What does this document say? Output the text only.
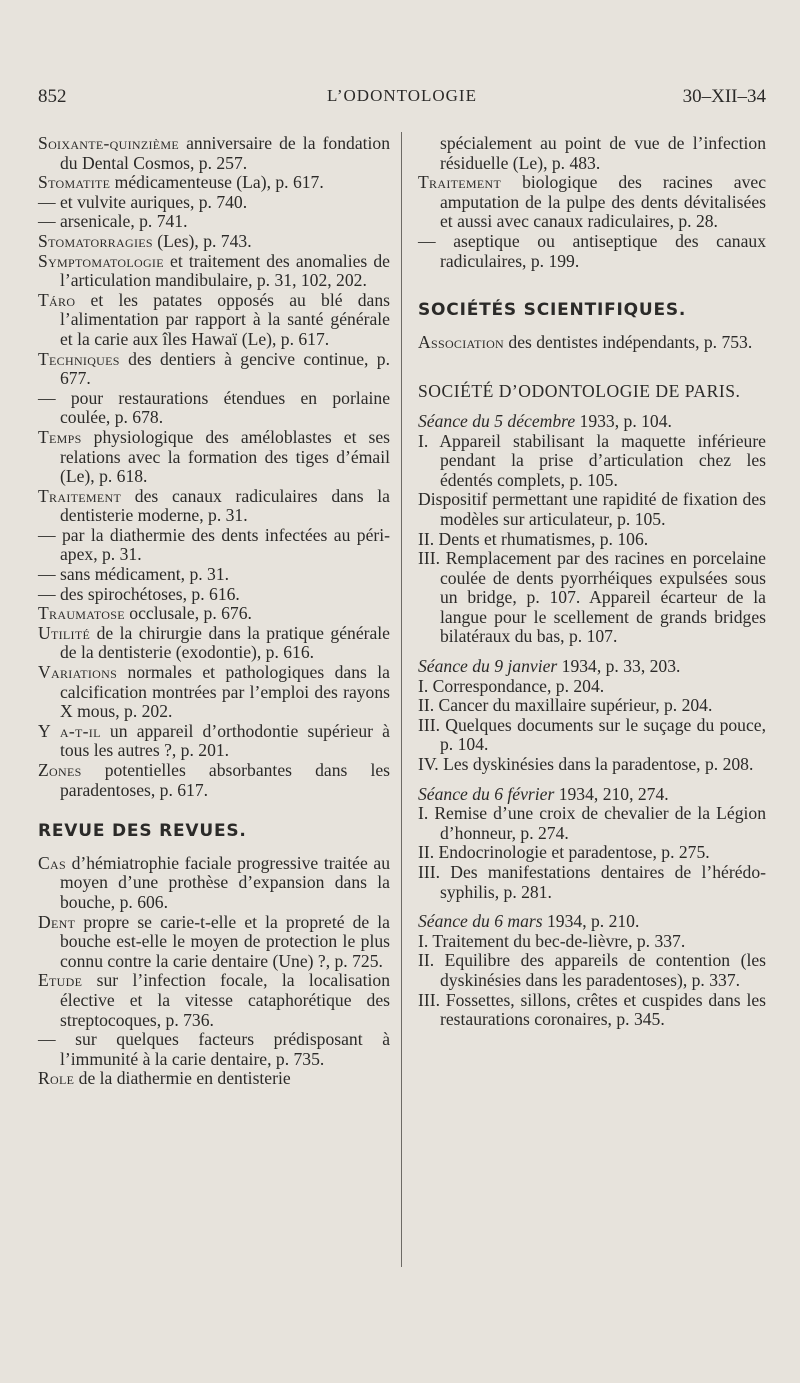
852	L’ODONTOLOGIE	30–XII–34
Soixante-quinzième anniversaire de la fondation du Dental Cosmos, p. 257.
Stomatite médicamenteuse (La), p. 617.
— et vulvite auriques, p. 740.
— arsenicale, p. 741.
Stomatorragies (Les), p. 743.
Symptomatologie et traitement des anomalies de l’articulation mandibulaire, p. 31, 102, 202.
Táro et les patates opposés au blé dans l’alimentation par rapport à la santé générale et la carie aux îles Hawaï (Le), p. 617.
Techniques des dentiers à gencive continue, p. 677.
— pour restaurations étendues en porlaine coulée, p. 678.
Temps physiologique des améloblastes et ses relations avec la formation des tiges d’émail (Le), p. 618.
Traitement des canaux radiculaires dans la dentisterie moderne, p. 31.
— par la diathermie des dents infectées au péri-apex, p. 31.
— sans médicament, p. 31.
— des spirochétoses, p. 616.
Traumatose occlusale, p. 676.
Utilité de la chirurgie dans la pratique générale de la dentisterie (exodontie), p. 616.
Variations normales et pathologiques dans la calcification montrées par l’emploi des rayons X mous, p. 202.
Y a-t-il un appareil d’orthodontie supérieur à tous les autres ?, p. 201.
Zones potentielles absorbantes dans les paradentoses, p. 617.
REVUE DES REVUES.
Cas d’hémiatrophie faciale progressive traitée au moyen d’une prothèse d’expansion dans la bouche, p. 606.
Dent propre se carie-t-elle et la propreté de la bouche est-elle le moyen de protection le plus connu contre la carie dentaire (Une) ?, p. 725.
Etude sur l’infection focale, la localisation élective et la vitesse cataphorétique des streptocoques, p. 736.
— sur quelques facteurs prédisposant à l’immunité à la carie dentaire, p. 735.
Role de la diathermie en dentisterie
spécialement au point de vue de l’infection résiduelle (Le), p. 483.
Traitement biologique des racines avec amputation de la pulpe des dents dévitalisées et aussi avec canaux radiculaires, p. 28.
— aseptique ou antiseptique des canaux radiculaires, p. 199.
SOCIÉTÉS SCIENTIFIQUES.
Association des dentistes indépendants, p. 753.
SOCIÉTÉ D’ODONTOLOGIE DE PARIS.
Séance du 5 décembre 1933, p. 104.
I. Appareil stabilisant la maquette inférieure pendant la prise d’articulation chez les édentés complets, p. 105.
Dispositif permettant une rapidité de fixation des modèles sur articulateur, p. 105.
II. Dents et rhumatismes, p. 106.
III. Remplacement par des racines en porcelaine coulée de dents pyorrhéiques expulsées sous un bridge, p. 107. Appareil écarteur de la langue pour le scellement de grands bridges bilatéraux du bas, p. 107.
Séance du 9 janvier 1934, p. 33, 203.
I. Correspondance, p. 204.
II. Cancer du maxillaire supérieur, p. 204.
III. Quelques documents sur le suçage du pouce, p. 104.
IV. Les dyskinésies dans la paradentose, p. 208.
Séance du 6 février 1934, 210, 274.
I. Remise d’une croix de chevalier de la Légion d’honneur, p. 274.
II. Endocrinologie et paradentose, p. 275.
III. Des manifestations dentaires de l’hérédo-syphilis, p. 281.
Séance du 6 mars 1934, p. 210.
I. Traitement du bec-de-lièvre, p. 337.
II. Equilibre des appareils de contention (les dyskinésies dans les paradentoses), p. 337.
III. Fossettes, sillons, crêtes et cuspides dans les restaurations coronaires, p. 345.
